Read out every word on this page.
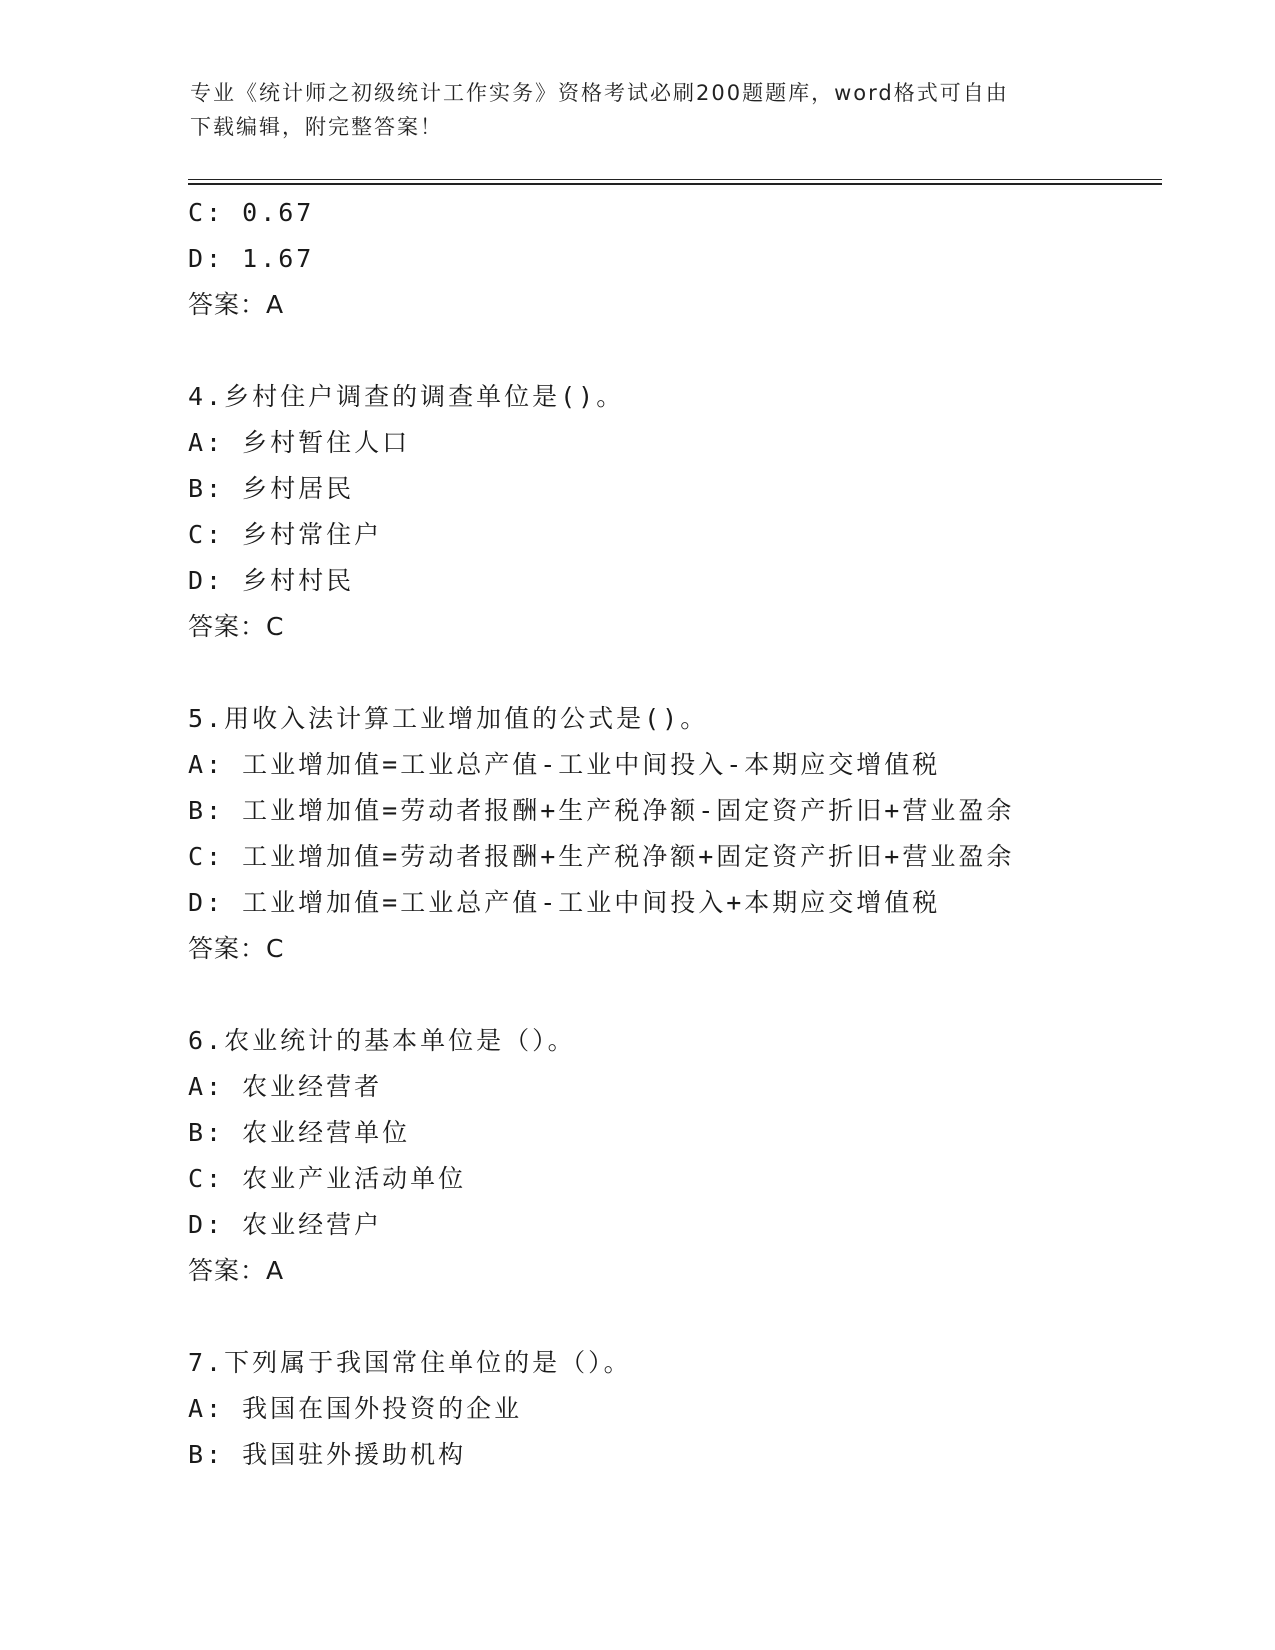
专业《统计师之初级统计工作实务》资格考试必刷200题题库，word格式可自由
下载编辑，附完整答案！
C: 0.67
D: 1.67
答案：A
4.乡村住户调查的调查单位是()。
A: 乡村暂住人口
B: 乡村居民
C: 乡村常住户
D: 乡村村民
答案：C
5.用收入法计算工业增加值的公式是()。
A: 工业增加值=工业总产值-工业中间投入-本期应交增值税
B: 工业增加值=劳动者报酬+生产税净额-固定资产折旧+营业盈余
C: 工业增加值=劳动者报酬+生产税净额+固定资产折旧+营业盈余
D: 工业增加值=工业总产值-工业中间投入+本期应交增值税
答案：C
6.农业统计的基本单位是（）。
A: 农业经营者
B: 农业经营单位
C: 农业产业活动单位
D: 农业经营户
答案：A
7.下列属于我国常住单位的是（）。
A: 我国在国外投资的企业
B: 我国驻外援助机构
